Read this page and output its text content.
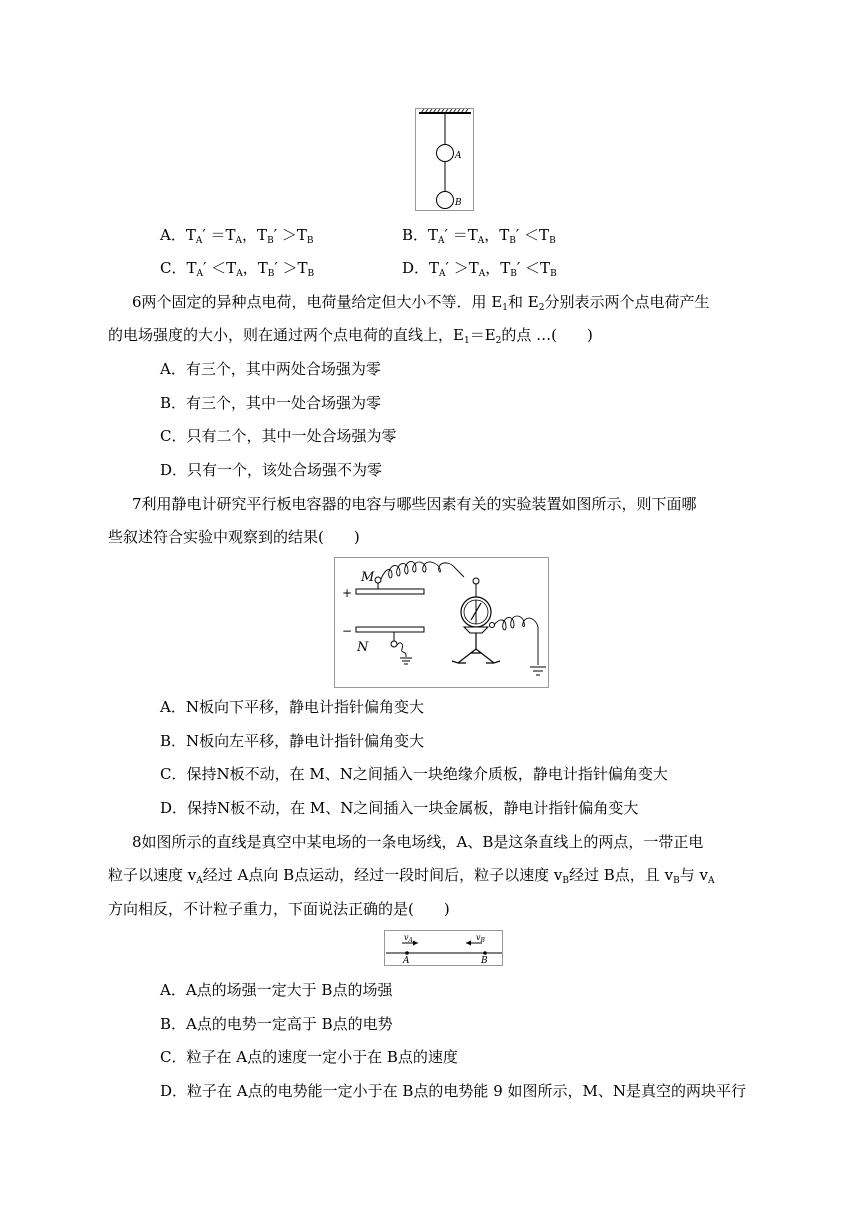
A
B
A．$T_A' =T_A$，$T_B' >T_B$	B．$T_A' =T_A$，$T_B' <T_B$
C．$T_A' <T_A$，$T_B' >T_B$	D．$T_A' >T_A$，$T_B' <T_B$
6两个固定的异种点电荷，电荷量给定但大小不等．用 $E_1$和 $E_2$分别表示两个点电荷产生
的电场强度的大小，则在通过两个点电荷的直线上，$E_1=E_2$的点 …(　　)
A．有三个，其中两处合场强为零
B．有三个，其中一处合场强为零
C．只有二个，其中一处合场强为零
D．只有一个，该处合场强不为零
7利用静电计研究平行板电容器的电容与哪些因素有关的实验装置如图所示，则下面哪
些叙述符合实验中观察到的结果(　　)
M
+
−
N
A．N板向下平移，静电计指针偏角变大
B．N板向左平移，静电计指针偏角变大
C．保持N板不动，在 M、N之间插入一块绝缘介质板，静电计指针偏角变大
D．保持N板不动，在 M、N之间插入一块金属板，静电计指针偏角变大
8如图所示的直线是真空中某电场的一条电场线，A、B是这条直线上的两点，一带正电
粒子以速度 $v_A$经过 A点向 B点运动，经过一段时间后，粒子以速度 $v_B$经过 B点，且 $v_B$与 $v_A$
方向相反，不计粒子重力，下面说法正确的是(　　)
$v_A$	$v_B$
A	B
A．A点的场强一定大于 B点的场强
B．A点的电势一定高于 B点的电势
C．粒子在 A点的速度一定小于在 B点的速度
D．粒子在 A点的电势能一定小于在 B点的电势能 9 如图所示，M、N是真空的两块平行
